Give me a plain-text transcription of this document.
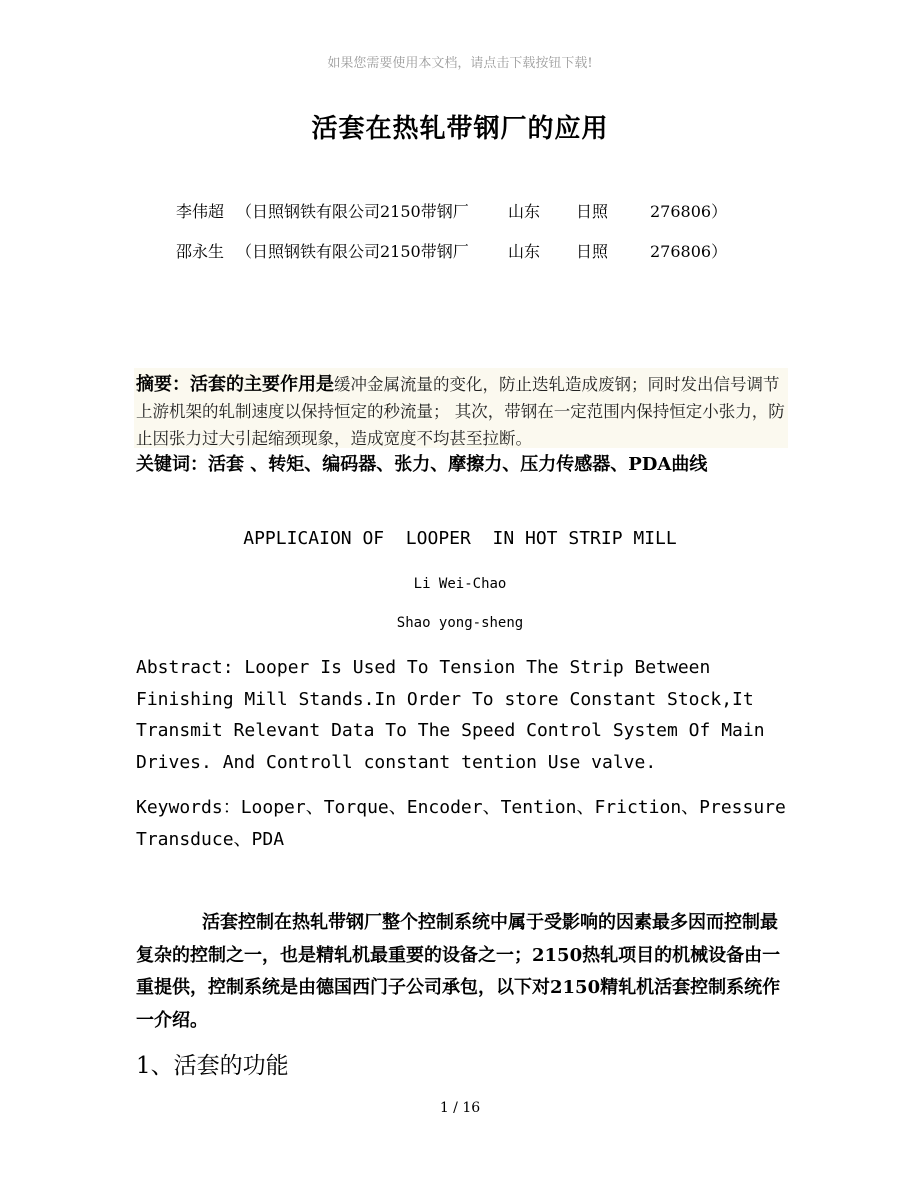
如果您需要使用本文档，请点击下载按钮下载!
活套在热轧带钢厂的应用
李伟超 （日照钢铁有限公司2150带钢厂 山东 日照	276806）
邵永生 （日照钢铁有限公司2150带钢厂 山东 日照	276806）
摘要：活套的主要作用是缓冲金属流量的变化，防止迭轧造成废钢；同时发出信号调节上游机架的轧制速度以保持恒定的秒流量； 其次，带钢在一定范围内保持恒定小张力，防止因张力过大引起缩颈现象，造成宽度不均甚至拉断。
关键词：活套 、转矩、编码器、张力、摩擦力、压力传感器、PDA曲线
APPLICAION OF  LOOPER  IN HOT STRIP MILL
Li Wei-Chao
Shao yong-sheng
Abstract: Looper Is Used To Tension The Strip Between Finishing Mill Stands.In Order To store Constant Stock,It Transmit Relevant Data To The Speed Control System Of Main Drives. And Controll constant tention Use valve.
Keywords：Looper、Torque、Encoder、Tention、Friction、Pressure Transduce、PDA
活套控制在热轧带钢厂整个控制系统中属于受影响的因素最多因而控制最复杂的控制之一，也是精轧机最重要的设备之一；2150热轧项目的机械设备由一重提供，控制系统是由德国西门子公司承包，以下对2150精轧机活套控制系统作一介绍。
1、活套的功能
1 / 16
